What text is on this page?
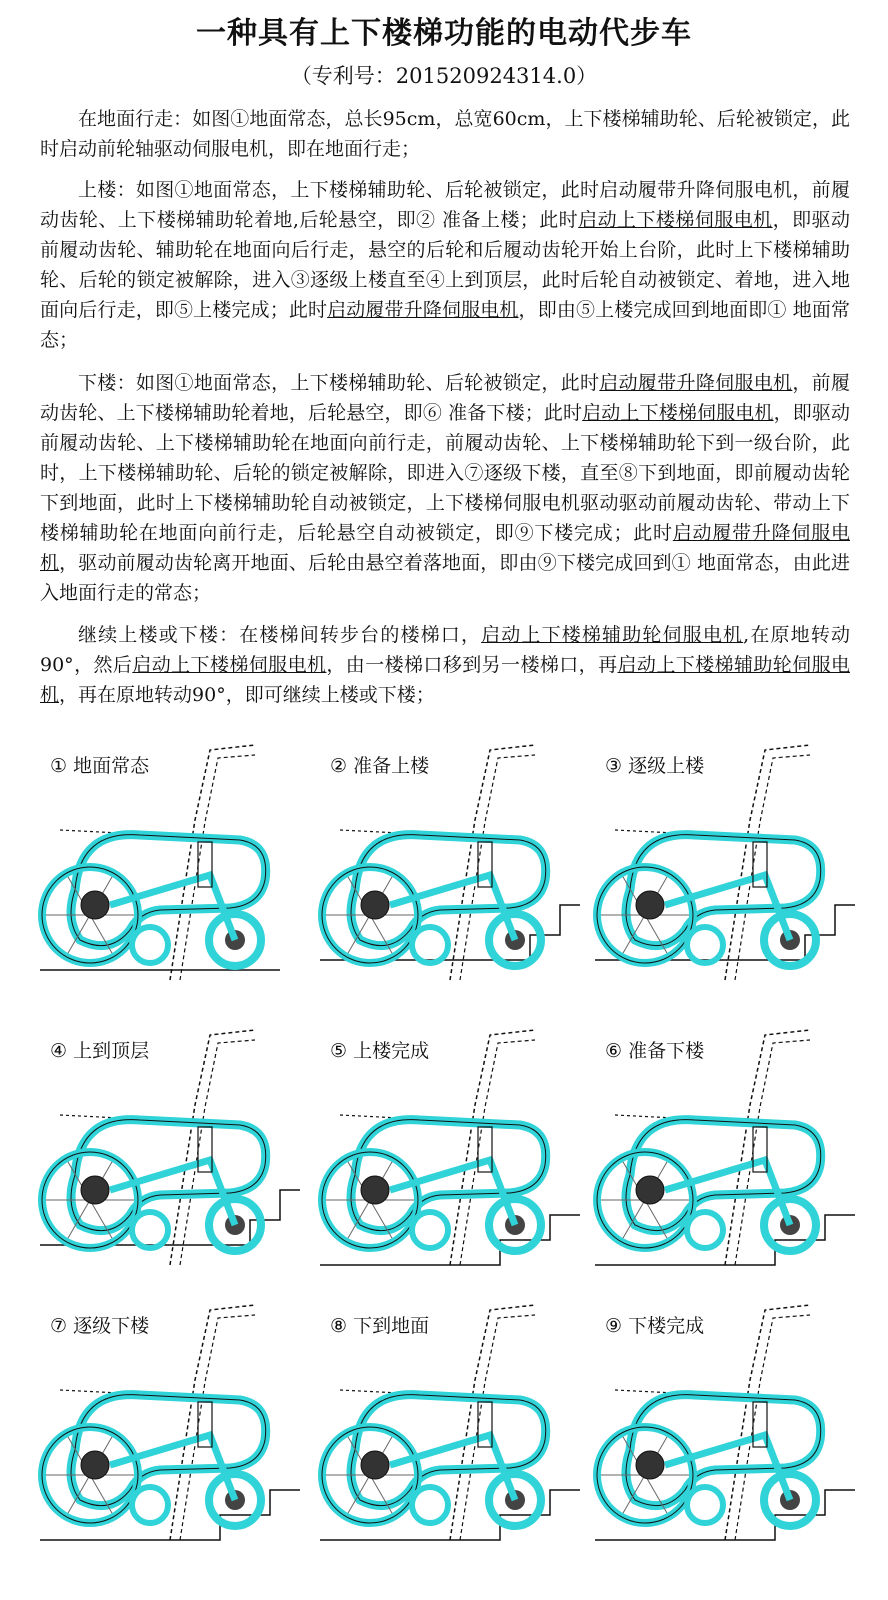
一种具有上下楼梯功能的电动代步车
（专利号：201520924314.0）

在地面行走：如图①地面常态，总长95cm，总宽60cm，上下楼梯辅助轮、后轮被锁定，此时启动前轮轴驱动伺服电机，即在地面行走；

上楼：如图①地面常态，上下楼梯辅助轮、后轮被锁定，此时启动履带升降伺服电机，前履动齿轮、上下楼梯辅助轮着地,后轮悬空，即② 准备上楼；此时启动上下楼梯伺服电机，即驱动前履动齿轮、辅助轮在地面向后行走，悬空的后轮和后履动齿轮开始上台阶，此时上下楼梯辅助轮、后轮的锁定被解除，进入③逐级上楼直至④上到顶层，此时后轮自动被锁定、着地，进入地面向后行走，即⑤上楼完成；此时启动履带升降伺服电机，即由⑤上楼完成回到地面即① 地面常态；

下楼：如图①地面常态，上下楼梯辅助轮、后轮被锁定，此时启动履带升降伺服电机，前履动齿轮、上下楼梯辅助轮着地，后轮悬空，即⑥ 准备下楼；此时启动上下楼梯伺服电机，即驱动前履动齿轮、上下楼梯辅助轮在地面向前行走，前履动齿轮、上下楼梯辅助轮下到一级台阶，此时，上下楼梯辅助轮、后轮的锁定被解除，即进入⑦逐级下楼，直至⑧下到地面，即前履动齿轮下到地面，此时上下楼梯辅助轮自动被锁定，上下楼梯伺服电机驱动驱动前履动齿轮、带动上下楼梯辅助轮在地面向前行走，后轮悬空自动被锁定，即⑨下楼完成；此时启动履带升降伺服电机，驱动前履动齿轮离开地面、后轮由悬空着落地面，即由⑨下楼完成回到① 地面常态，由此进入地面行走的常态；

继续上楼或下楼：在楼梯间转步台的楼梯口，启动上下楼梯辅助轮伺服电机,在原地转动90°，然后启动上下楼梯伺服电机，由一楼梯口移到另一楼梯口，再启动上下楼梯辅助轮伺服电机，再在原地转动90°，即可继续上楼或下楼；

① 地面常态	② 准备上楼	③ 逐级上楼
④ 上到顶层	⑤ 上楼完成	⑥ 准备下楼
⑦ 逐级下楼	⑧ 下到地面	⑨ 下楼完成
